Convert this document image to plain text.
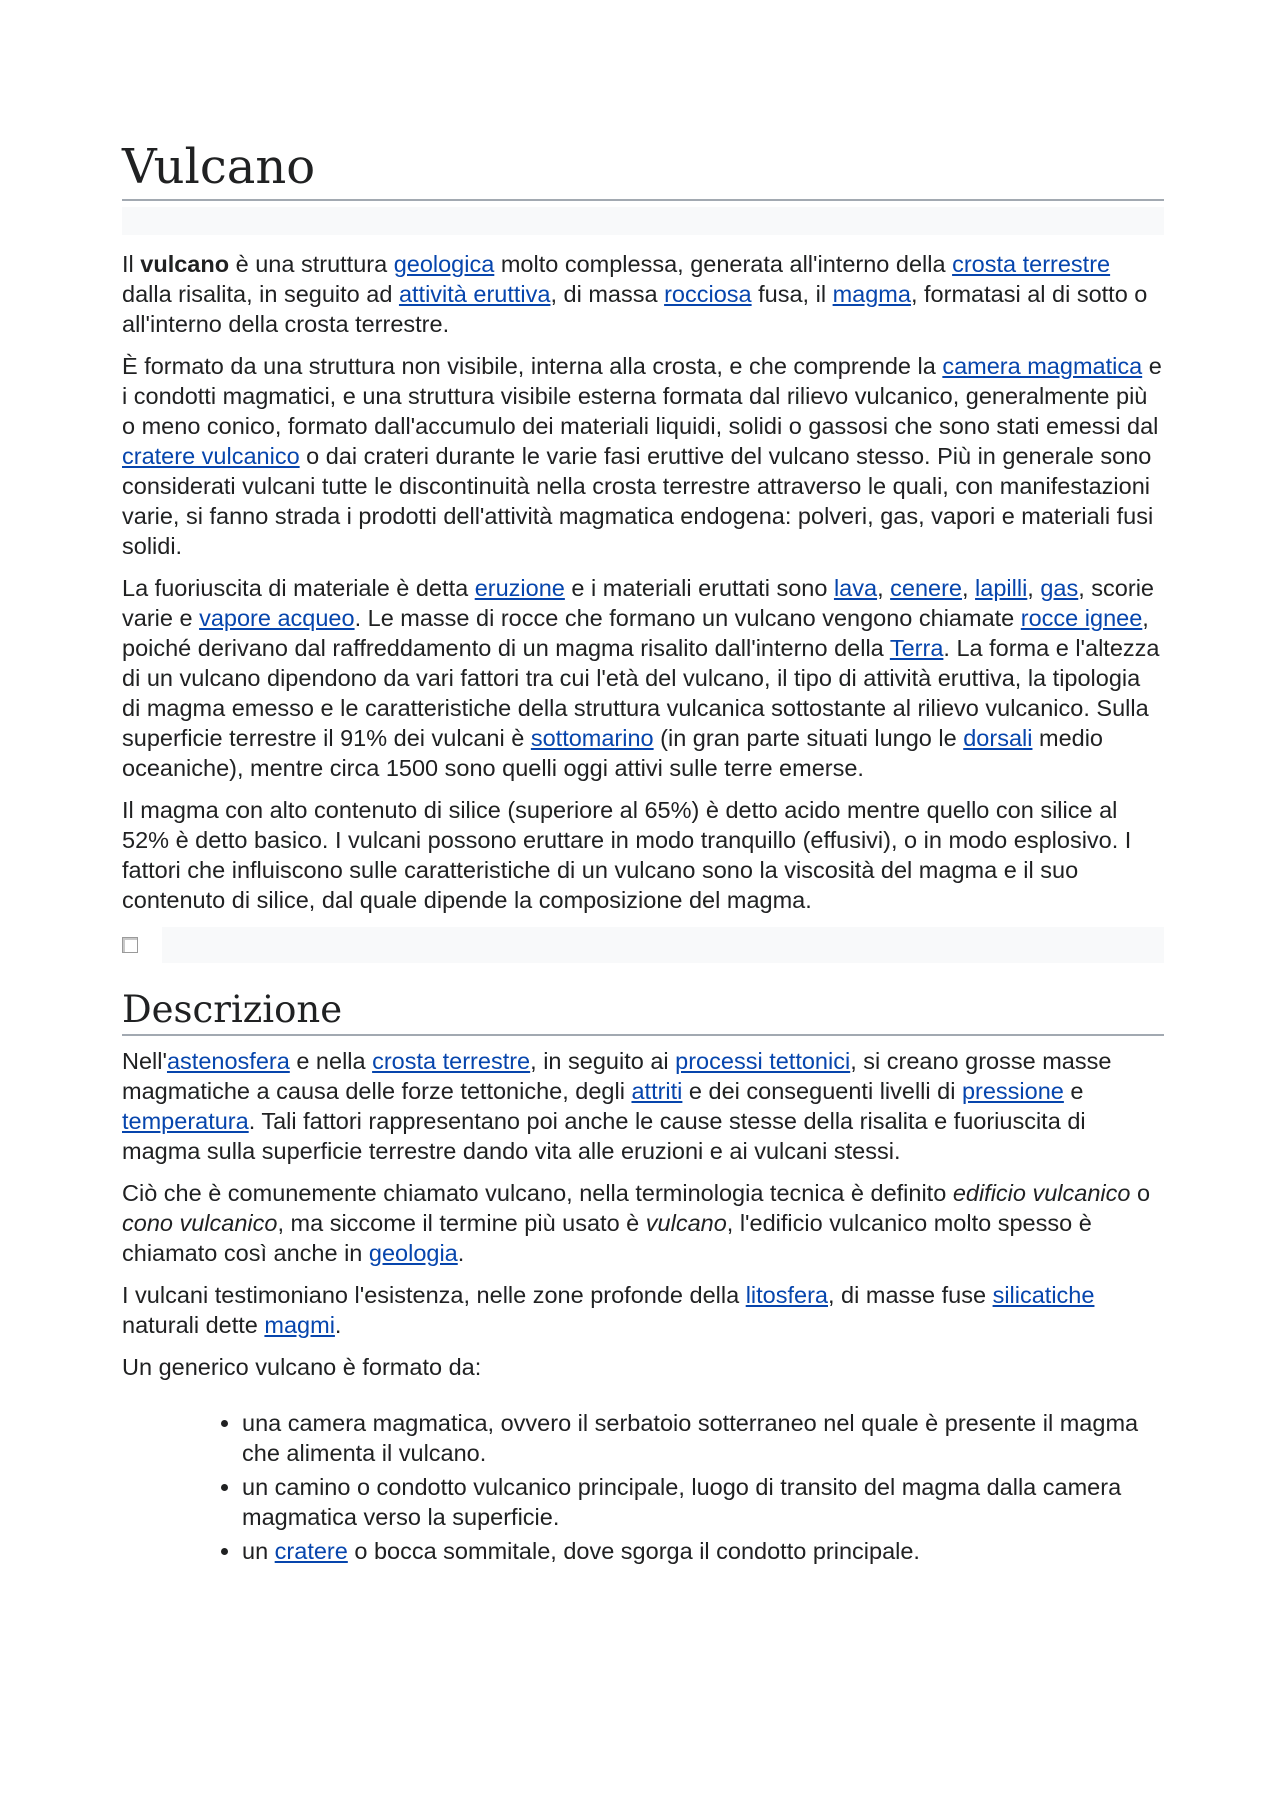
Vulcano

Il vulcano è una struttura geologica molto complessa, generata all'interno della crosta terrestre dalla risalita, in seguito ad attività eruttiva, di massa rocciosa fusa, il magma, formatasi al di sotto o all'interno della crosta terrestre.

È formato da una struttura non visibile, interna alla crosta, e che comprende la camera magmatica e i condotti magmatici, e una struttura visibile esterna formata dal rilievo vulcanico, generalmente più o meno conico, formato dall'accumulo dei materiali liquidi, solidi o gassosi che sono stati emessi dal cratere vulcanico o dai crateri durante le varie fasi eruttive del vulcano stesso. Più in generale sono considerati vulcani tutte le discontinuità nella crosta terrestre attraverso le quali, con manifestazioni varie, si fanno strada i prodotti dell'attività magmatica endogena: polveri, gas, vapori e materiali fusi solidi.

La fuoriuscita di materiale è detta eruzione e i materiali eruttati sono lava, cenere, lapilli, gas, scorie varie e vapore acqueo. Le masse di rocce che formano un vulcano vengono chiamate rocce ignee, poiché derivano dal raffreddamento di un magma risalito dall'interno della Terra. La forma e l'altezza di un vulcano dipendono da vari fattori tra cui l'età del vulcano, il tipo di attività eruttiva, la tipologia di magma emesso e le caratteristiche della struttura vulcanica sottostante al rilievo vulcanico. Sulla superficie terrestre il 91% dei vulcani è sottomarino (in gran parte situati lungo le dorsali medio oceaniche), mentre circa 1500 sono quelli oggi attivi sulle terre emerse.

Il magma con alto contenuto di silice (superiore al 65%) è detto acido mentre quello con silice al 52% è detto basico. I vulcani possono eruttare in modo tranquillo (effusivi), o in modo esplosivo. I fattori che influiscono sulle caratteristiche di un vulcano sono la viscosità del magma e il suo contenuto di silice, dal quale dipende la composizione del magma.

Descrizione

Nell'astenosfera e nella crosta terrestre, in seguito ai processi tettonici, si creano grosse masse magmatiche a causa delle forze tettoniche, degli attriti e dei conseguenti livelli di pressione e temperatura. Tali fattori rappresentano poi anche le cause stesse della risalita e fuoriuscita di magma sulla superficie terrestre dando vita alle eruzioni e ai vulcani stessi.

Ciò che è comunemente chiamato vulcano, nella terminologia tecnica è definito edificio vulcanico o cono vulcanico, ma siccome il termine più usato è vulcano, l'edificio vulcanico molto spesso è chiamato così anche in geologia.

I vulcani testimoniano l'esistenza, nelle zone profonde della litosfera, di masse fuse silicatiche naturali dette magmi.

Un generico vulcano è formato da:

• una camera magmatica, ovvero il serbatoio sotterraneo nel quale è presente il magma che alimenta il vulcano.
• un camino o condotto vulcanico principale, luogo di transito del magma dalla camera magmatica verso la superficie.
• un cratere o bocca sommitale, dove sgorga il condotto principale.
